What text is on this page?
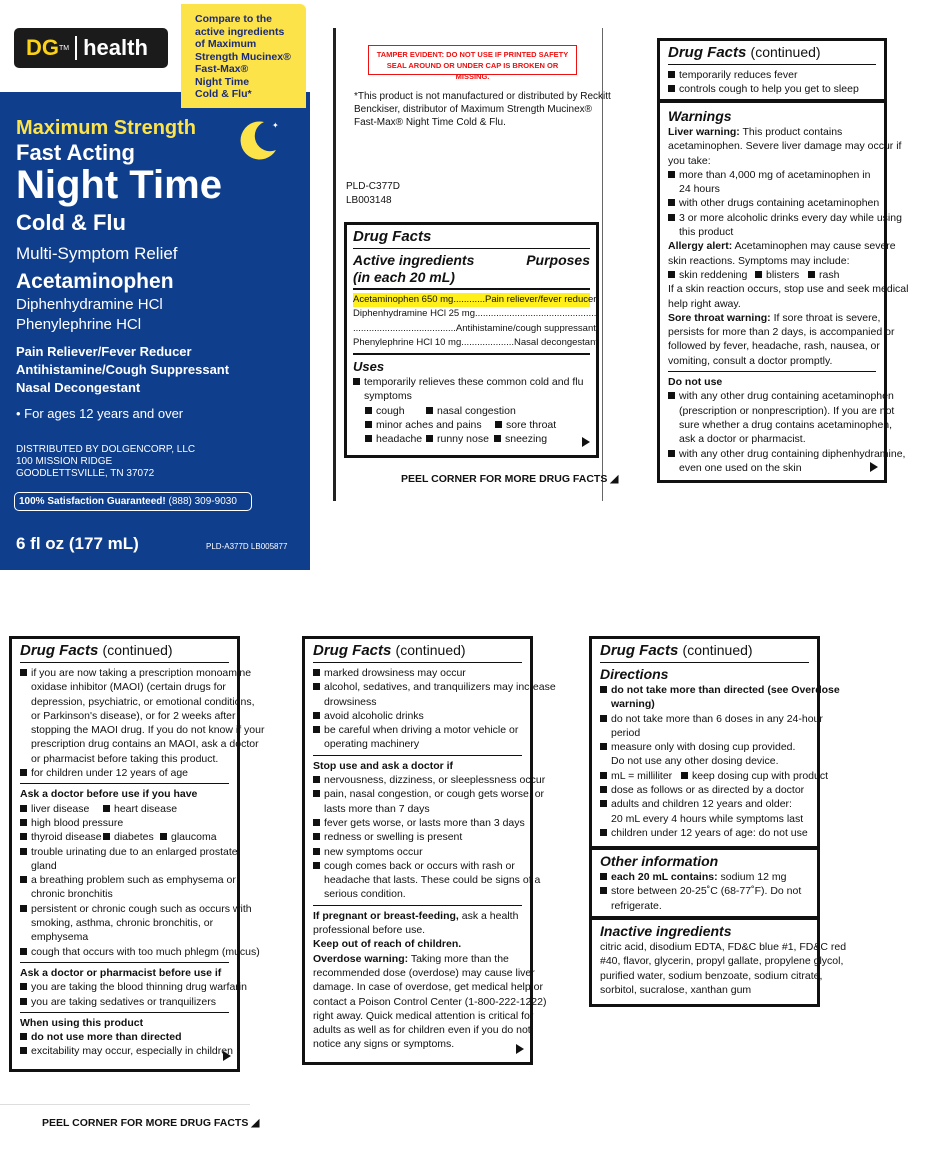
DG TM health
Compare to the
active ingredients
of Maximum
Strength Mucinex®
Fast-Max®
Night Time
Cold & Flu*
✦
Maximum Strength
Fast Acting
Night Time
Cold & Flu
Multi-Symptom Relief
Acetaminophen
Diphenhydramine HCl
Phenylephrine HCl
Pain Reliever/Fever Reducer
Antihistamine/Cough Suppressant
Nasal Decongestant
• For ages 12 years and over
DISTRIBUTED BY DOLGENCORP, LLC
100 MISSION RIDGE
GOODLETTSVILLE, TN 37072
100% Satisfaction Guaranteed! (888) 309-9030
6 fl oz (177 mL)	PLD-A377D LB005877
TAMPER EVIDENT: DO NOT USE IF PRINTED SAFETY
SEAL AROUND OR UNDER CAP IS BROKEN OR MISSING.
*This product is not manufactured or distributed by Reckitt
Benckiser, distributor of Maximum Strength Mucinex®
Fast-Max® Night Time Cold & Flu.
PLD-C377D
LB003148
Drug Facts
Active ingredients
(in each 20 mL)
Purposes
Acetaminophen 650 mg............Pain reliever/fever reducer
Diphenhydramine HCl 25 mg..............................................
.......................................Antihistamine/cough suppressant
Phenylephrine HCl 10 mg....................Nasal decongestant
Uses
temporarily relieves these common cold and flu
symptoms
cough	nasal congestion
minor aches and pains sore throat
headache runny nose sneezing
PEEL CORNER FOR MORE DRUG FACTS ◢
Drug Facts (continued)
temporarily reduces fever
controls cough to help you get to sleep
Warnings
Liver warning: This product contains
acetaminophen. Severe liver damage may occur if
you take:
more than 4,000 mg of acetaminophen in
24 hours
with other drugs containing acetaminophen
3 or more alcoholic drinks every day while using
this product
Allergy alert: Acetaminophen may cause severe
skin reactions. Symptoms may include:
skin reddening blisters rash
If a skin reaction occurs, stop use and seek medical
help right away.
Sore throat warning: If sore throat is severe,
persists for more than 2 days, is accompanied or
followed by fever, headache, rash, nausea, or
vomiting, consult a doctor promptly.
Do not use
with any other drug containing acetaminophen
(prescription or nonprescription). If you are not
sure whether a drug contains acetaminophen,
ask a doctor or pharmacist.
with any other drug containing diphenhydramine,
even one used on the skin
Drug Facts (continued)
if you are now taking a prescription monoamine
oxidase inhibitor (MAOI) (certain drugs for
depression, psychiatric, or emotional conditions,
or Parkinson's disease), or for 2 weeks after
stopping the MAOI drug. If you do not know if your
prescription drug contains an MAOI, ask a doctor
or pharmacist before taking this product.
for children under 12 years of age
Ask a doctor before use if you have
liver disease heart disease
high blood pressure
thyroid disease diabetes glaucoma
trouble urinating due to an enlarged prostate
gland
a breathing problem such as emphysema or
chronic bronchitis
persistent or chronic cough such as occurs with
smoking, asthma, chronic bronchitis, or
emphysema
cough that occurs with too much phlegm (mucus)
Ask a doctor or pharmacist before use if
you are taking the blood thinning drug warfarin
you are taking sedatives or tranquilizers
When using this product
do not use more than directed
excitability may occur, especially in children
PEEL CORNER FOR MORE DRUG FACTS ◢
Drug Facts (continued)
marked drowsiness may occur
alcohol, sedatives, and tranquilizers may increase
drowsiness
avoid alcoholic drinks
be careful when driving a motor vehicle or
operating machinery
Stop use and ask a doctor if
nervousness, dizziness, or sleeplessness occur
pain, nasal congestion, or cough gets worse, or
lasts more than 7 days
fever gets worse, or lasts more than 3 days
redness or swelling is present
new symptoms occur
cough comes back or occurs with rash or
headache that lasts. These could be signs of a
serious condition.
If pregnant or breast-feeding, ask a health
professional before use.
Keep out of reach of children.
Overdose warning: Taking more than the
recommended dose (overdose) may cause liver
damage. In case of overdose, get medical help or
contact a Poison Control Center (1-800-222-1222)
right away. Quick medical attention is critical for
adults as well as for children even if you do not
notice any signs or symptoms.
Drug Facts (continued)
Directions
do not take more than directed (see Overdose
warning)
do not take more than 6 doses in any 24-hour
period
measure only with dosing cup provided.
Do not use any other dosing device.
mL = milliliter keep dosing cup with product
dose as follows or as directed by a doctor
adults and children 12 years and older:
20 mL every 4 hours while symptoms last
children under 12 years of age: do not use
Other information
each 20 mL contains: sodium 12 mg
store between 20-25˚C (68-77˚F). Do not
refrigerate.
Inactive ingredients
citric acid, disodium EDTA, FD&C blue #1, FD&C red
#40, flavor, glycerin, propyl gallate, propylene glycol,
purified water, sodium benzoate, sodium citrate,
sorbitol, sucralose, xanthan gum
